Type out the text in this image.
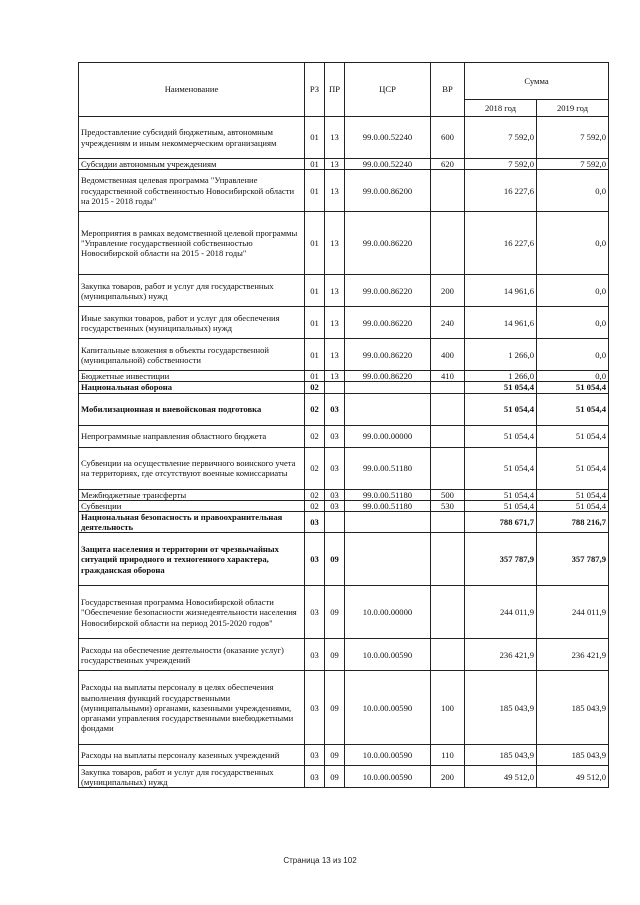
Наименование	РЗ	ПР	ЦСР	ВР	Сумма	
					2018 год	2019 год
Предоставление субсидий бюджетным, автономным учреждениям и иным некоммерческим организациям	01	13	99.0.00.52240	600	7 592,0	7 592,0
Субсидии автономным учреждениям	01	13	99.0.00.52240	620	7 592,0	7 592,0
Ведомственная целевая программа "Управление государственной собственностью Новосибирской области на 2015 - 2018 годы"	01	13	99.0.00.86200		16 227,6	0,0
Мероприятия в рамках ведомственной целевой программы "Управление государственной собственностью Новосибирской области на 2015 - 2018 годы"	01	13	99.0.00.86220		16 227,6	0,0
Закупка товаров, работ и услуг для государственных (муниципальных) нужд	01	13	99.0.00.86220	200	14 961,6	0,0
Иные закупки товаров, работ и услуг для обеспечения государственных (муниципальных) нужд	01	13	99.0.00.86220	240	14 961,6	0,0
Капитальные вложения в объекты государственной (муниципальной) собственности	01	13	99.0.00.86220	400	1 266,0	0,0
Бюджетные инвестиции	01	13	99.0.00.86220	410	1 266,0	0,0
Национальная оборона	02				51 054,4	51 054,4
Мобилизационная и вневойсковая подготовка	02	03			51 054,4	51 054,4
Непрограммные направления областного бюджета	02	03	99.0.00.00000		51 054,4	51 054,4
Субвенции на осуществление первичного воинского учета на территориях, где отсутствуют военные комиссариаты	02	03	99.0.00.51180		51 054,4	51 054,4
Межбюджетные трансферты	02	03	99.0.00.51180	500	51 054,4	51 054,4
Субвенции	02	03	99.0.00.51180	530	51 054,4	51 054,4
Национальная безопасность и правоохранительная деятельность	03				788 671,7	788 216,7
Защита населения и территории от чрезвычайных ситуаций природного и техногенного характера, гражданская оборона	03	09			357 787,9	357 787,9
Государственная программа Новосибирской области "Обеспечение безопасности жизнедеятельности населения Новосибирской области на период 2015-2020 годов"	03	09	10.0.00.00000		244 011,9	244 011,9
Расходы на обеспечение деятельности (оказание услуг) государственных учреждений	03	09	10.0.00.00590		236 421,9	236 421,9
Расходы на выплаты персоналу в целях обеспечения выполнения функций государственными (муниципальными) органами, казенными учреждениями, органами управления государственными внебюджетными фондами	03	09	10.0.00.00590	100	185 043,9	185 043,9
Расходы на выплаты персоналу казенных учреждений	03	09	10.0.00.00590	110	185 043,9	185 043,9
Закупка товаров, работ и услуг для государственных (муниципальных) нужд	03	09	10.0.00.00590	200	49 512,0	49 512,0
Страница 13 из 102
